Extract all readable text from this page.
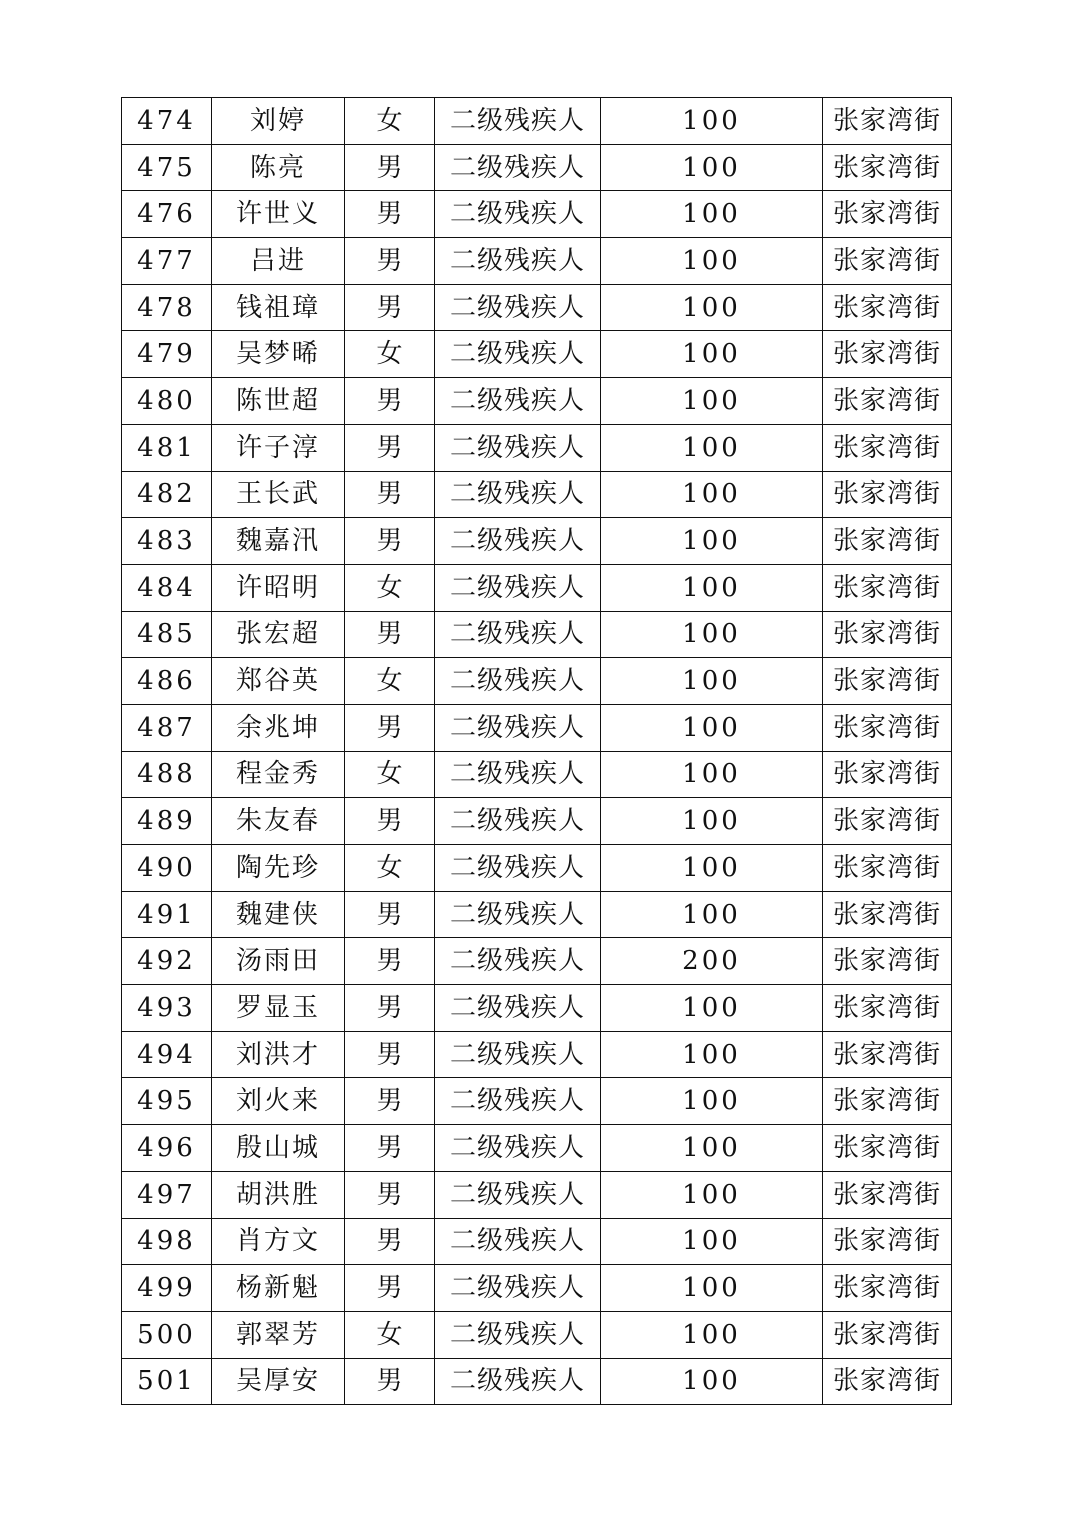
474	刘婷	女	二级残疾人	100	张家湾街
475	陈亮	男	二级残疾人	100	张家湾街
476	许世义	男	二级残疾人	100	张家湾街
477	吕进	男	二级残疾人	100	张家湾街
478	钱祖璋	男	二级残疾人	100	张家湾街
479	吴梦晞	女	二级残疾人	100	张家湾街
480	陈世超	男	二级残疾人	100	张家湾街
481	许子淳	男	二级残疾人	100	张家湾街
482	王长武	男	二级残疾人	100	张家湾街
483	魏嘉汛	男	二级残疾人	100	张家湾街
484	许昭明	女	二级残疾人	100	张家湾街
485	张宏超	男	二级残疾人	100	张家湾街
486	郑谷英	女	二级残疾人	100	张家湾街
487	余兆坤	男	二级残疾人	100	张家湾街
488	程金秀	女	二级残疾人	100	张家湾街
489	朱友春	男	二级残疾人	100	张家湾街
490	陶先珍	女	二级残疾人	100	张家湾街
491	魏建侠	男	二级残疾人	100	张家湾街
492	汤雨田	男	二级残疾人	200	张家湾街
493	罗显玉	男	二级残疾人	100	张家湾街
494	刘洪才	男	二级残疾人	100	张家湾街
495	刘火来	男	二级残疾人	100	张家湾街
496	殷山城	男	二级残疾人	100	张家湾街
497	胡洪胜	男	二级残疾人	100	张家湾街
498	肖方文	男	二级残疾人	100	张家湾街
499	杨新魁	男	二级残疾人	100	张家湾街
500	郭翠芳	女	二级残疾人	100	张家湾街
501	吴厚安	男	二级残疾人	100	张家湾街
